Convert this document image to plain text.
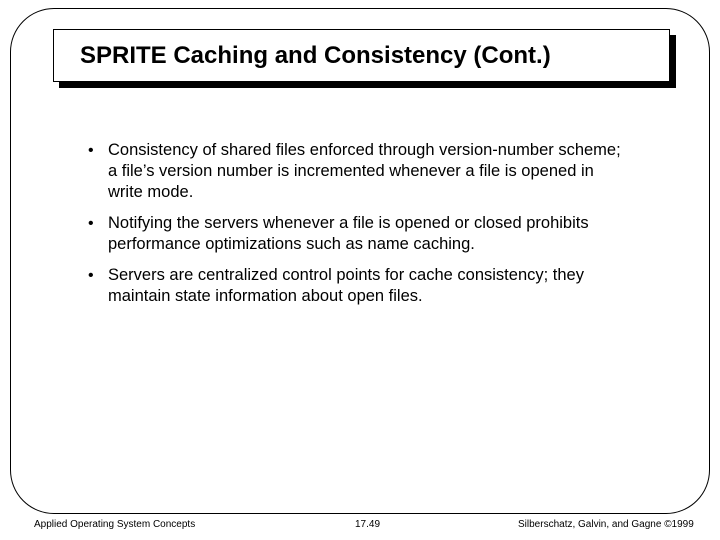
SPRITE Caching and Consistency (Cont.)
• Consistency of shared files enforced through version-number scheme; a file’s version number is incremented whenever a file is opened in write mode.
• Notifying the servers whenever a file is opened or closed prohibits performance optimizations such as name caching.
• Servers are centralized control points for cache consistency; they maintain state information about open files.
Applied Operating System Concepts	17.49	Silberschatz, Galvin, and Gagne ©1999
